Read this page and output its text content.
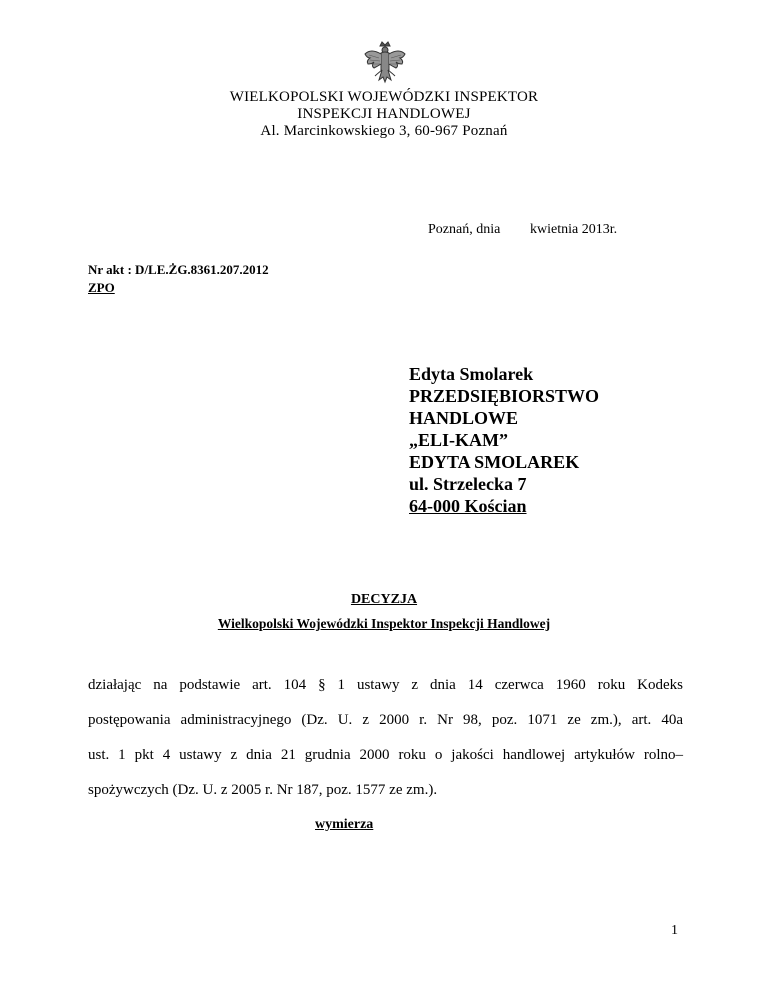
WIELKOPOLSKI WOJEWÓDZKI INSPEKTOR
INSPEKCJI HANDLOWEJ
Al. Marcinkowskiego 3, 60-967 Poznań
Poznań, dnia kwietnia 2013r.
Nr akt : D/LE.ŻG.8361.207.2012
ZPO
Edyta Smolarek
PRZEDSIĘBIORSTWO
HANDLOWE
„ELI-KAM”
EDYTA SMOLAREK
ul. Strzelecka 7
64-000 Kościan
DECYZJA
Wielkopolski Wojewódzki Inspektor Inspekcji Handlowej
działając na podstawie art. 104 § 1 ustawy z dnia 14 czerwca 1960 roku Kodeks
postępowania administracyjnego (Dz. U. z 2000 r. Nr 98, poz. 1071 ze zm.), art. 40a
ust. 1 pkt 4 ustawy z dnia 21 grudnia 2000 roku o jakości handlowej artykułów rolno–
spożywczych (Dz. U. z 2005 r. Nr 187, poz. 1577 ze zm.).
wymierza
1
